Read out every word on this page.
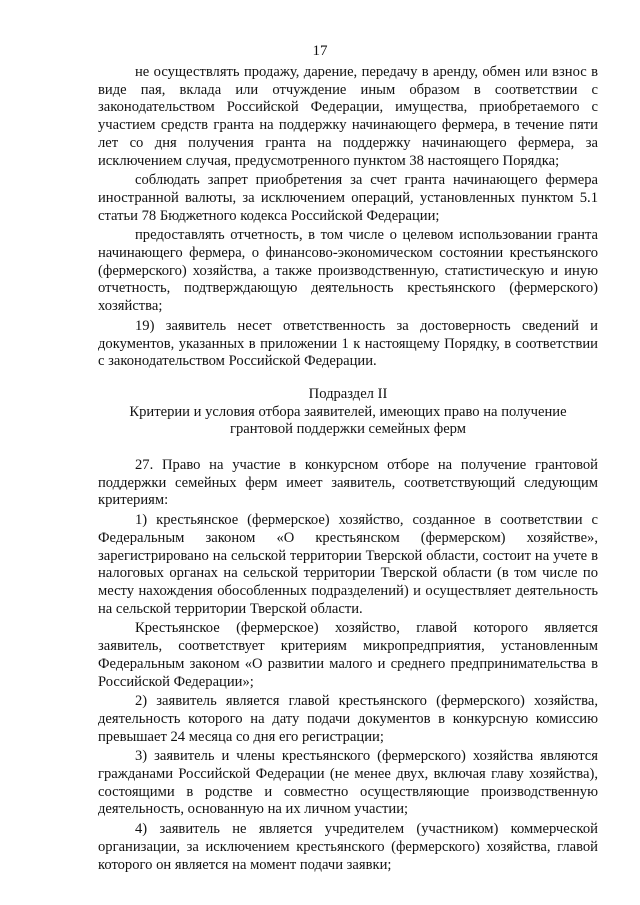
17

не осуществлять продажу, дарение, передачу в аренду, обмен или взнос в виде пая, вклада или отчуждение иным образом в соответствии с законодательством Российской Федерации, имущества, приобретаемого с участием средств гранта на поддержку начинающего фермера, в течение пяти лет со дня получения гранта на поддержку начинающего фермера, за исключением случая, предусмотренного пунктом 38 настоящего Порядка;

соблюдать запрет приобретения за счет гранта начинающего фермера иностранной валюты, за исключением операций, установленных пунктом 5.1 статьи 78 Бюджетного кодекса Российской Федерации;

предоставлять отчетность, в том числе о целевом использовании гранта начинающего фермера, о финансово-экономическом состоянии крестьянского (фермерского) хозяйства, а также производственную, статистическую и иную отчетность, подтверждающую деятельность крестьянского (фермерского) хозяйства;

19) заявитель несет ответственность за достоверность сведений и документов, указанных в приложении 1 к настоящему Порядку, в соответствии с законодательством Российской Федерации.

Подраздел II
Критерии и условия отбора заявителей, имеющих право на получение грантовой поддержки семейных ферм

27. Право на участие в конкурсном отборе на получение грантовой поддержки семейных ферм имеет заявитель, соответствующий следующим критериям:

1) крестьянское (фермерское) хозяйство, созданное в соответствии с Федеральным законом «О крестьянском (фермерском) хозяйстве», зарегистрировано на сельской территории Тверской области, состоит на учете в налоговых органах на сельской территории Тверской области (в том числе по месту нахождения обособленных подразделений) и осуществляет деятельность на сельской территории Тверской области.

Крестьянское (фермерское) хозяйство, главой которого является заявитель, соответствует критериям микропредприятия, установленным Федеральным законом «О развитии малого и среднего предпринимательства в Российской Федерации»;

2) заявитель является главой крестьянского (фермерского) хозяйства, деятельность которого на дату подачи документов в конкурсную комиссию превышает 24 месяца со дня его регистрации;

3) заявитель и члены крестьянского (фермерского) хозяйства являются гражданами Российской Федерации (не менее двух, включая главу хозяйства), состоящими в родстве и совместно осуществляющие производственную деятельность, основанную на их личном участии;

4) заявитель не является учредителем (участником) коммерческой организации, за исключением крестьянского (фермерского) хозяйства, главой которого он является на момент подачи заявки;
